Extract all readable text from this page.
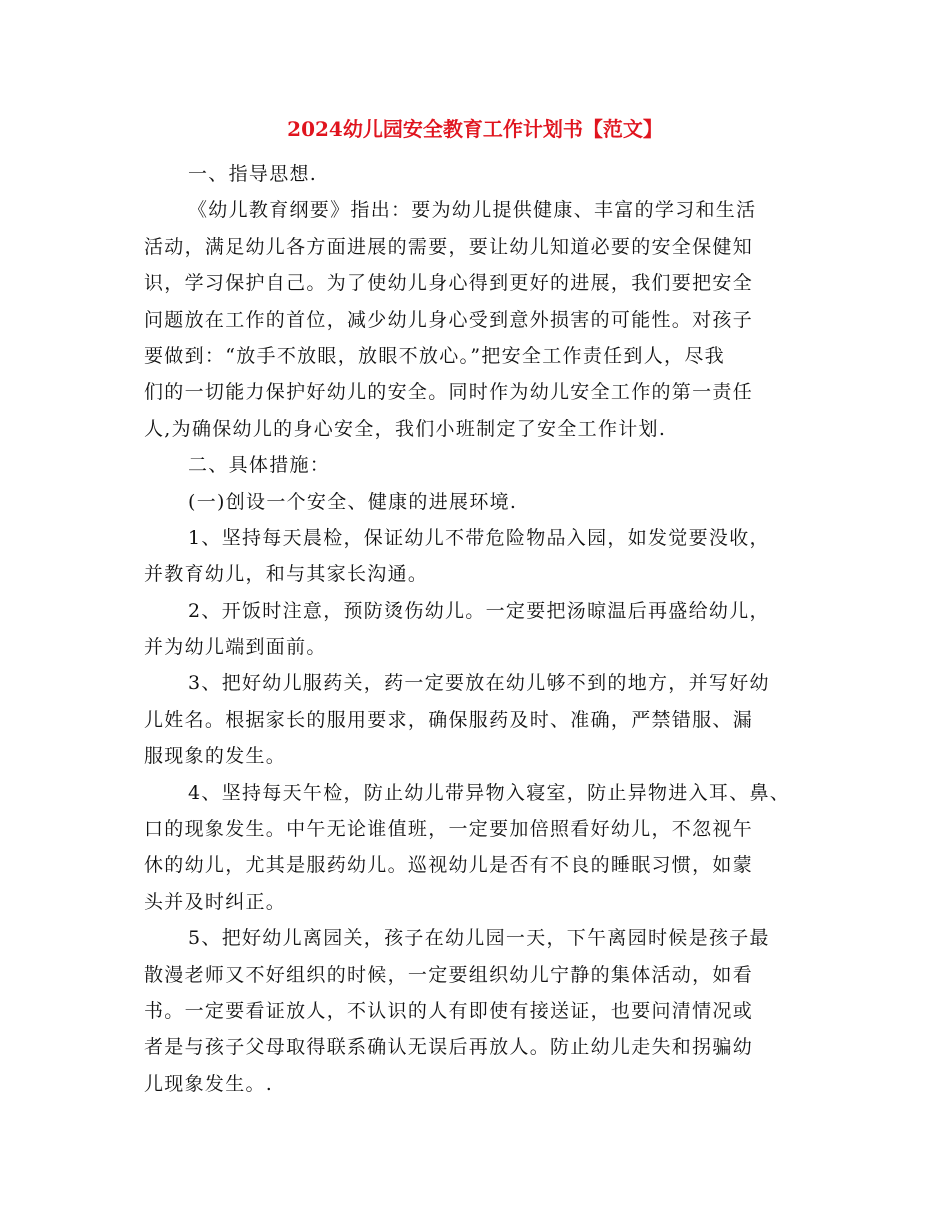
2024幼儿园安全教育工作计划书【范文】
一、指导思想.
《幼儿教育纲要》指出：要为幼儿提供健康、丰富的学习和生活
活动，满足幼儿各方面进展的需要，要让幼儿知道必要的安全保健知
识，学习保护自己。为了使幼儿身心得到更好的进展，我们要把安全
问题放在工作的首位，减少幼儿身心受到意外损害的可能性。对孩子
要做到：“放手不放眼，放眼不放心。”把安全工作责任到人，尽我
们的一切能力保护好幼儿的安全。同时作为幼儿安全工作的第一责任
人,为确保幼儿的身心安全，我们小班制定了安全工作计划.
二、具体措施：
(一)创设一个安全、健康的进展环境.
1、坚持每天晨检，保证幼儿不带危险物品入园，如发觉要没收，
并教育幼儿，和与其家长沟通。
2、开饭时注意，预防烫伤幼儿。一定要把汤晾温后再盛给幼儿，
并为幼儿端到面前。
3、把好幼儿服药关，药一定要放在幼儿够不到的地方，并写好幼
儿姓名。根据家长的服用要求，确保服药及时、准确，严禁错服、漏
服现象的发生。
4、坚持每天午检，防止幼儿带异物入寝室，防止异物进入耳、鼻、
口的现象发生。中午无论谁值班，一定要加倍照看好幼儿，不忽视午
休的幼儿，尤其是服药幼儿。巡视幼儿是否有不良的睡眠习惯，如蒙
头并及时纠正。
5、把好幼儿离园关，孩子在幼儿园一天，下午离园时候是孩子最
散漫老师又不好组织的时候，一定要组织幼儿宁静的集体活动，如看
书。一定要看证放人，不认识的人有即使有接送证，也要问清情况或
者是与孩子父母取得联系确认无误后再放人。防止幼儿走失和拐骗幼
儿现象发生。.
